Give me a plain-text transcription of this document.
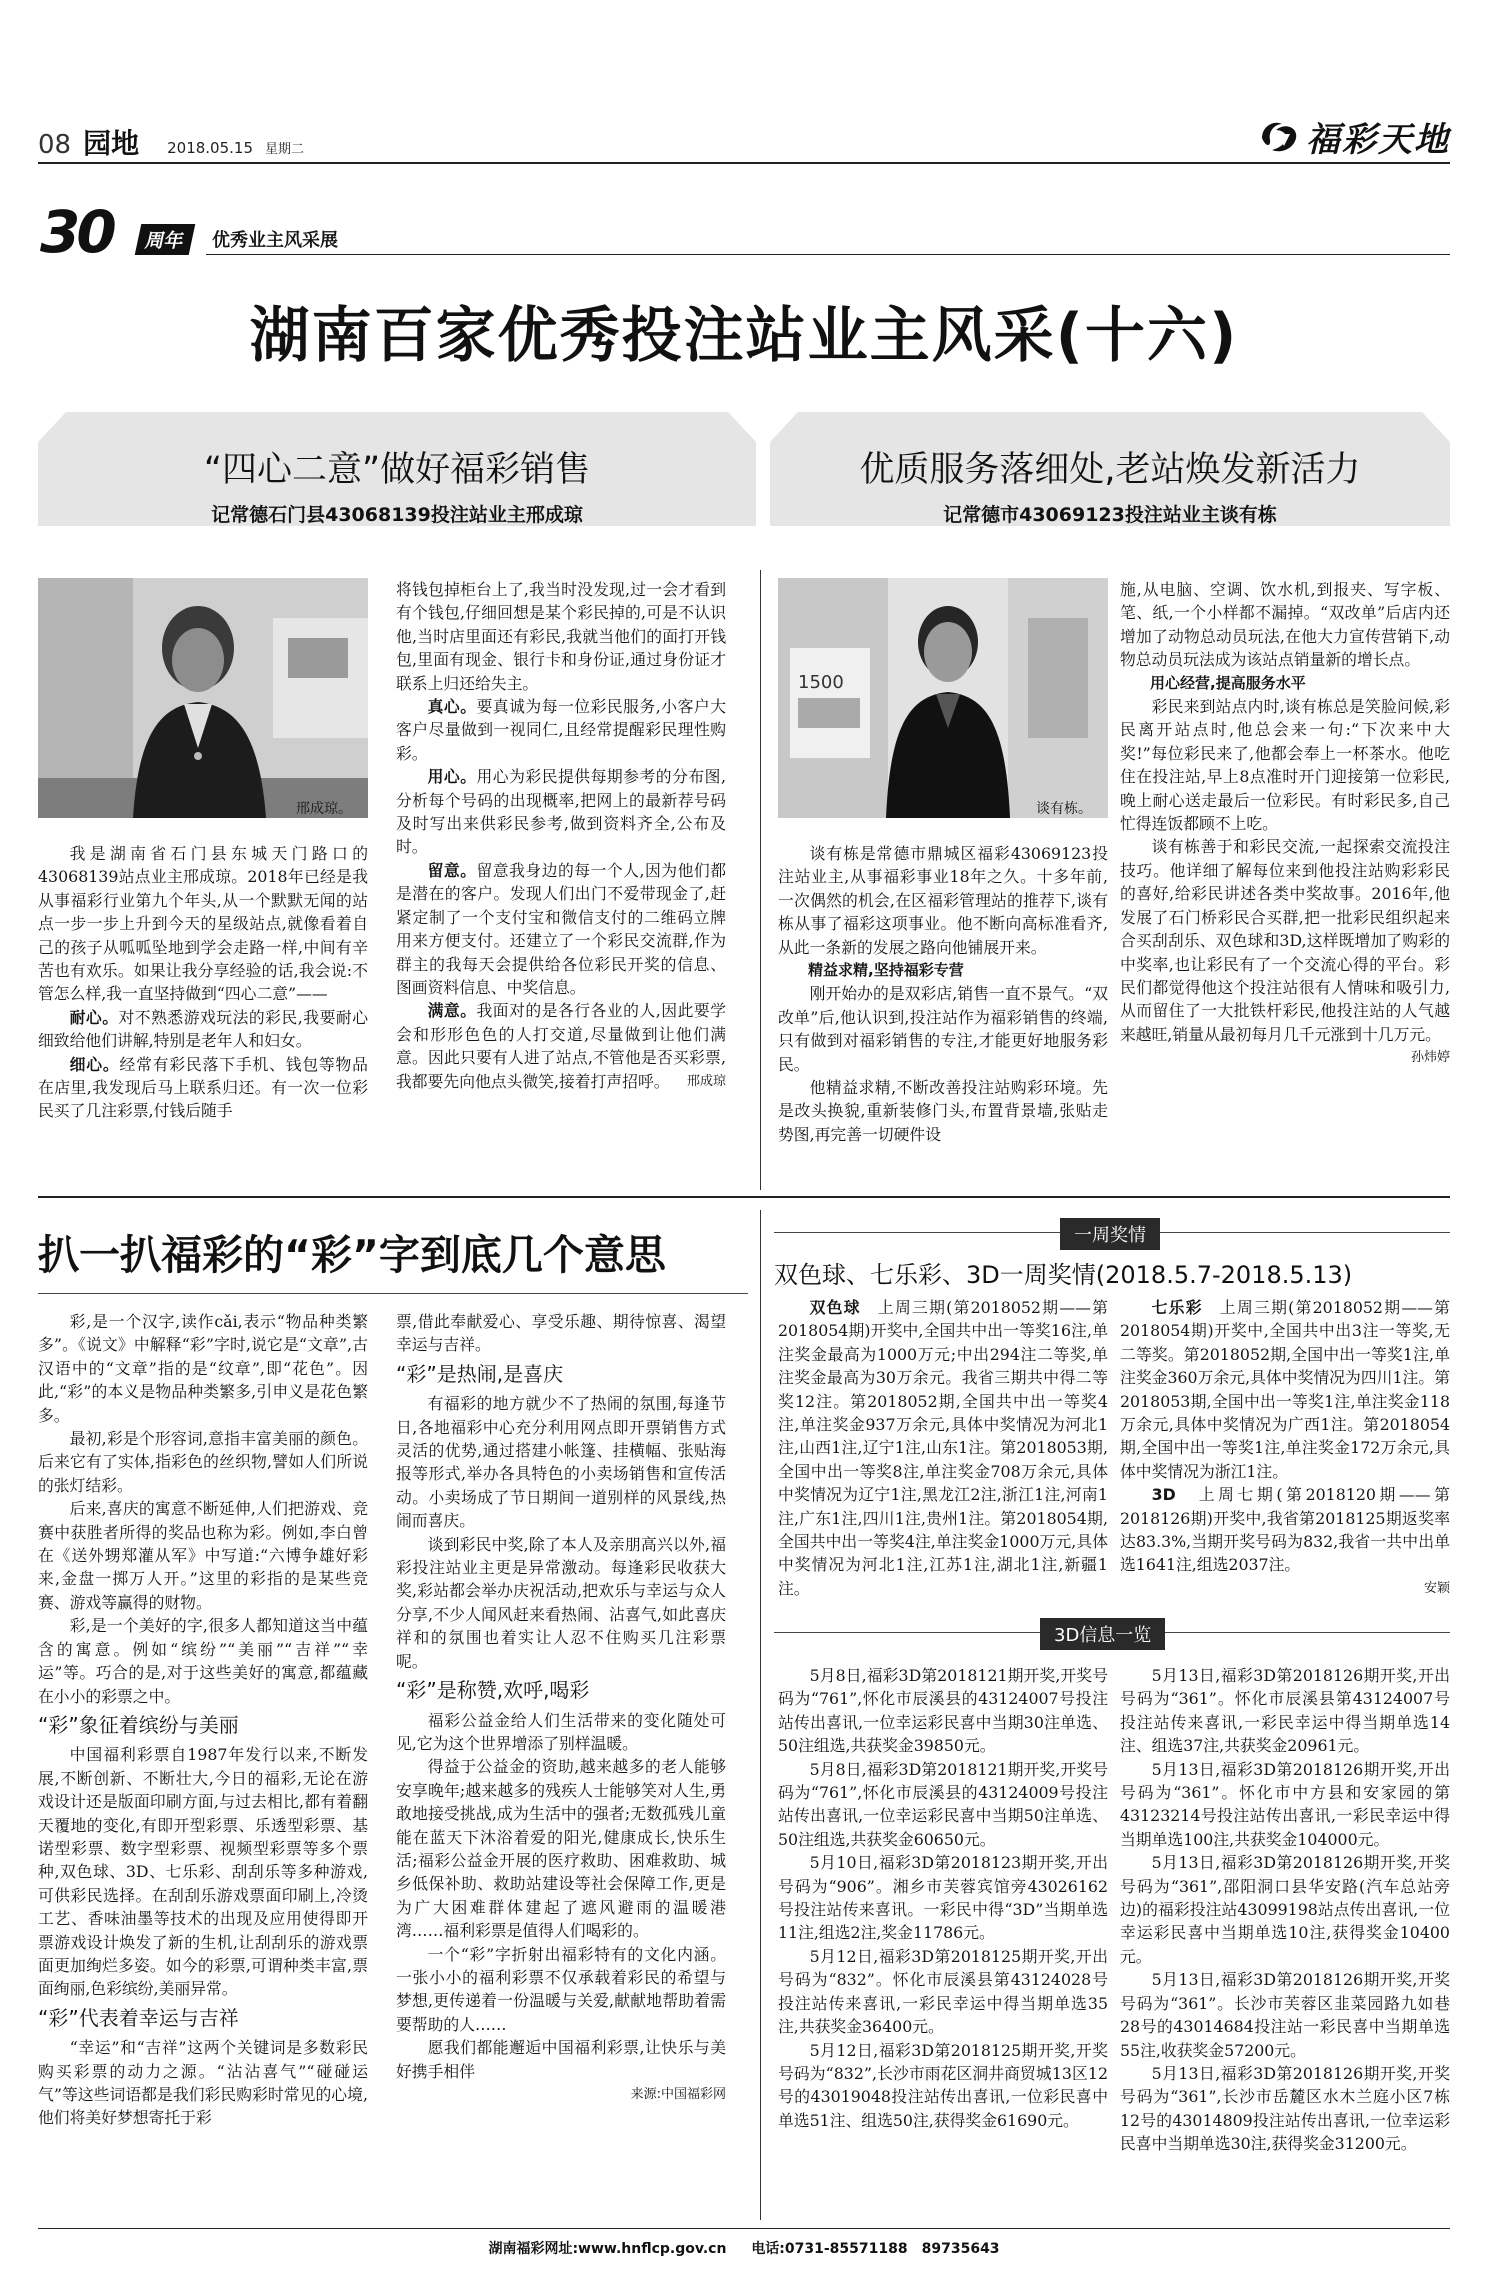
08 园地 2018.05.15 星期二	福彩天地
30	周年	优秀业主风采展
湖南百家优秀投注站业主风采(十六)
“四心二意”做好福彩销售
记常德石门县43068139投注站业主邢成琼
优质服务落细处,老站焕发新活力
记常德市43069123投注站业主谈有栋
邢成琼。

我是湖南省石门县东城天门路口的43068139站点业主邢成琼。2018年已经是我从事福彩行业第九个年头,从一个默默无闻的站点一步一步上升到今天的星级站点,就像看着自己的孩子从呱呱坠地到学会走路一样,中间有辛苦也有欢乐。如果让我分享经验的话,我会说:不管怎么样,我一直坚持做到“四心二意”——

耐心。对不熟悉游戏玩法的彩民,我要耐心细致给他们讲解,特别是老年人和妇女。

细心。经常有彩民落下手机、钱包等物品在店里,我发现后马上联系归还。有一次一位彩民买了几注彩票,付钱后随手

将钱包掉柜台上了,我当时没发现,过一会才看到有个钱包,仔细回想是某个彩民掉的,可是不认识他,当时店里面还有彩民,我就当他们的面打开钱包,里面有现金、银行卡和身份证,通过身份证才联系上归还给失主。

真心。要真诚为每一位彩民服务,小客户大客户尽量做到一视同仁,且经常提醒彩民理性购彩。

用心。用心为彩民提供每期参考的分布图,分析每个号码的出现概率,把网上的最新荐号码及时写出来供彩民参考,做到资料齐全,公布及时。

留意。留意我身边的每一个人,因为他们都是潜在的客户。发现人们出门不爱带现金了,赶紧定制了一个支付宝和微信支付的二维码立牌用来方便支付。还建立了一个彩民交流群,作为群主的我每天会提供给各位彩民开奖的信息、图画资料信息、中奖信息。

满意。我面对的是各行各业的人,因此要学会和形形色色的人打交道,尽量做到让他们满意。因此只要有人进了站点,不管他是否买彩票,我都要先向他点头微笑,接着打声招呼。 邢成琼

1500
谈有栋。

谈有栋是常德市鼎城区福彩43069123投注站业主,从事福彩事业18年之久。十多年前,一次偶然的机会,在区福彩管理站的推荐下,谈有栋从事了福彩这项事业。他不断向高标准看齐,从此一条新的发展之路向他铺展开来。

精益求精,坚持福彩专营

刚开始办的是双彩店,销售一直不景气。“双改单”后,他认识到,投注站作为福彩销售的终端,只有做到对福彩销售的专注,才能更好地服务彩民。

他精益求精,不断改善投注站购彩环境。先是改头换貌,重新装修门头,布置背景墙,张贴走势图,再完善一切硬件设

施,从电脑、空调、饮水机,到报夹、写字板、笔、纸,一个小样都不漏掉。“双改单”后店内还增加了动物总动员玩法,在他大力宣传营销下,动物总动员玩法成为该站点销量新的增长点。

用心经营,提高服务水平

彩民来到站点内时,谈有栋总是笑脸问候,彩民离开站点时,他总会来一句:“下次来中大奖!”每位彩民来了,他都会奉上一杯茶水。他吃住在投注站,早上8点准时开门迎接第一位彩民,晚上耐心送走最后一位彩民。有时彩民多,自己忙得连饭都顾不上吃。

谈有栋善于和彩民交流,一起探索交流投注技巧。他详细了解每位来到他投注站购彩彩民的喜好,给彩民讲述各类中奖故事。2016年,他发展了石门桥彩民合买群,把一批彩民组织起来合买刮刮乐、双色球和3D,这样既增加了购彩的中奖率,也让彩民有了一个交流心得的平台。彩民们都觉得他这个投注站很有人情味和吸引力,从而留住了一大批铁杆彩民,他投注站的人气越来越旺,销量从最初每月几千元涨到十几万元。

孙炜婷

扒一扒福彩的“彩”字到底几个意思

彩,是一个汉字,读作cǎi,表示“物品种类繁多”。《说文》中解释“彩”字时,说它是“文章”,古汉语中的“文章”指的是“纹章”,即“花色”。因此,“彩”的本义是物品种类繁多,引申义是花色繁多。

最初,彩是个形容词,意指丰富美丽的颜色。后来它有了实体,指彩色的丝织物,譬如人们所说的张灯结彩。

后来,喜庆的寓意不断延伸,人们把游戏、竞赛中获胜者所得的奖品也称为彩。例如,李白曾在《送外甥郑灌从军》中写道:“六博争雄好彩来,金盘一掷万人开。”这里的彩指的是某些竞赛、游戏等赢得的财物。

彩,是一个美好的字,很多人都知道这当中蕴含的寓意。例如“缤纷”“美丽”“吉祥”“幸运”等。巧合的是,对于这些美好的寓意,都蕴藏在小小的彩票之中。

“彩”象征着缤纷与美丽

中国福利彩票自1987年发行以来,不断发展,不断创新、不断壮大,今日的福彩,无论在游戏设计还是版面印刷方面,与过去相比,都有着翻天覆地的变化,有即开型彩票、乐透型彩票、基诺型彩票、数字型彩票、视频型彩票等多个票种,双色球、3D、七乐彩、刮刮乐等多种游戏,可供彩民选择。在刮刮乐游戏票面印刷上,冷烫工艺、香味油墨等技术的出现及应用使得即开票游戏设计焕发了新的生机,让刮刮乐的游戏票面更加绚烂多姿。如今的彩票,可谓种类丰富,票面绚丽,色彩缤纷,美丽异常。

“彩”代表着幸运与吉祥

“幸运”和“吉祥”这两个关键词是多数彩民购买彩票的动力之源。“沾沾喜气”“碰碰运气”等这些词语都是我们彩民购彩时常见的心境,他们将美好梦想寄托于彩

票,借此奉献爱心、享受乐趣、期待惊喜、渴望幸运与吉祥。

“彩”是热闹,是喜庆

有福彩的地方就少不了热闹的氛围,每逢节日,各地福彩中心充分利用网点即开票销售方式灵活的优势,通过搭建小帐篷、挂横幅、张贴海报等形式,举办各具特色的小卖场销售和宣传活动。小卖场成了节日期间一道别样的风景线,热闹而喜庆。

谈到彩民中奖,除了本人及亲朋高兴以外,福彩投注站业主更是异常激动。每逢彩民收获大奖,彩站都会举办庆祝活动,把欢乐与幸运与众人分享,不少人闻风赶来看热闹、沾喜气,如此喜庆祥和的氛围也着实让人忍不住购买几注彩票呢。

“彩”是称赞,欢呼,喝彩

福彩公益金给人们生活带来的变化随处可见,它为这个世界增添了别样温暖。

得益于公益金的资助,越来越多的老人能够安享晚年;越来越多的残疾人士能够笑对人生,勇敢地接受挑战,成为生活中的强者;无数孤残儿童能在蓝天下沐浴着爱的阳光,健康成长,快乐生活;福彩公益金开展的医疗救助、困难救助、城乡低保补助、救助站建设等社会保障工作,更是为广大困难群体建起了遮风避雨的温暖港湾……福利彩票是值得人们喝彩的。

一个“彩”字折射出福彩特有的文化内涵。一张小小的福利彩票不仅承载着彩民的希望与梦想,更传递着一份温暖与关爱,献献地帮助着需要帮助的人……

愿我们都能邂逅中国福利彩票,让快乐与美好携手相伴

来源:中国福彩网

一周奖情
双色球、七乐彩、3D一周奖情(2018.5.7-2018.5.13)

双色球　 上周三期(第2018052期——第2018054期)开奖中,全国共中出一等奖16注,单注奖金最高为1000万元;中出294注二等奖,单注奖金最高为30万余元。我省三期共中得二等奖12注。第2018052期,全国共中出一等奖4注,单注奖金937万余元,具体中奖情况为河北1注,山西1注,辽宁1注,山东1注。第2018053期,全国中出一等奖8注,单注奖金708万余元,具体中奖情况为辽宁1注,黑龙江2注,浙江1注,河南1注,广东1注,四川1注,贵州1注。第2018054期,全国共中出一等奖4注,单注奖金1000万元,具体中奖情况为河北1注,江苏1注,湖北1注,新疆1注。

七乐彩　 上周三期(第2018052期——第2018054期)开奖中,全国共中出3注一等奖,无二等奖。第2018052期,全国中出一等奖1注,单注奖金360万余元,具体中奖情况为四川1注。第2018053期,全国中出一等奖1注,单注奖金118万余元,具体中奖情况为广西1注。第2018054期,全国中出一等奖1注,单注奖金172万余元,具体中奖情况为浙江1注。

3D　 上周七期(第2018120期——第2018126期)开奖中,我省第2018125期返奖率达83.3%,当期开奖号码为832,我省一共中出单选1641注,组选2037注。

安颖

3D信息一览

5月8日,福彩3D第2018121期开奖,开奖号码为“761”,怀化市辰溪县的43124007号投注站传出喜讯,一位幸运彩民喜中当期30注单选、50注组选,共获奖金39850元。

5月8日,福彩3D第2018121期开奖,开奖号码为“761”,怀化市辰溪县的43124009号投注站传出喜讯,一位幸运彩民喜中当期50注单选、50注组选,共获奖金60650元。

5月10日,福彩3D第2018123期开奖,开出号码为“906”。湘乡市芙蓉宾馆旁43026162号投注站传来喜讯。一彩民中得“3D”当期单选11注,组选2注,奖金11786元。

5月12日,福彩3D第2018125期开奖,开出号码为“832”。怀化市辰溪县第43124028号投注站传来喜讯,一彩民幸运中得当期单选35注,共获奖金36400元。

5月12日,福彩3D第2018125期开奖,开奖号码为“832”,长沙市雨花区洞井商贸城13区12号的43019048投注站传出喜讯,一位彩民喜中单选51注、组选50注,获得奖金61690元。

5月13日,福彩3D第2018126期开奖,开出号码为“361”。怀化市辰溪县第43124007号投注站传来喜讯,一彩民幸运中得当期单选14注、组选37注,共获奖金20961元。

5月13日,福彩3D第2018126期开奖,开出号码为“361”。怀化市中方县和安家园的第43123214号投注站传出喜讯,一彩民幸运中得当期单选100注,共获奖金104000元。

5月13日,福彩3D第2018126期开奖,开奖号码为“361”,邵阳洞口县华安路(汽车总站旁边)的福彩投注站43099198站点传出喜讯,一位幸运彩民喜中当期单选10注,获得奖金10400元。

5月13日,福彩3D第2018126期开奖,开奖号码为“361”。长沙市芙蓉区韭菜园路九如巷28号的43014684投注站一彩民喜中当期单选55注,收获奖金57200元。

5月13日,福彩3D第2018126期开奖,开奖号码为“361”,长沙市岳麓区水木兰庭小区7栋12号的43014809投注站传出喜讯,一位幸运彩民喜中当期单选30注,获得奖金31200元。

湖南福彩网址:www.hnflcp.gov.cn 电话:0731-85571188　89735643
